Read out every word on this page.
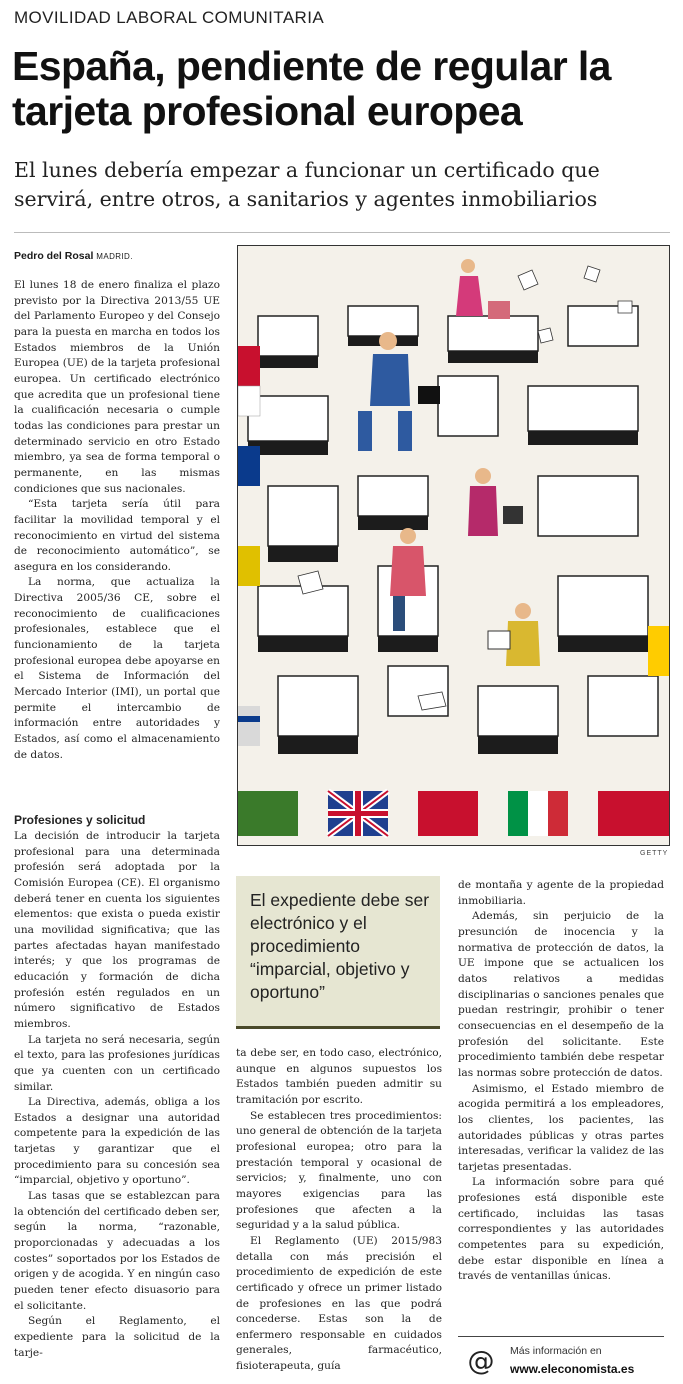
MOVILIDAD LABORAL COMUNITARIA
España, pendiente de regular la tarjeta profesional europea
El lunes debería empezar a funcionar un certificado que servirá, entre otros, a sanitarios y agentes inmobiliarios
Pedro del Rosal MADRID.

El lunes 18 de enero finaliza el plazo previsto por la Directiva 2013/55 UE del Parlamento Europeo y del Consejo para la puesta en marcha en todos los Estados miembros de la Unión Europea (UE) de la tarjeta profesional europea. Un certificado electrónico que acredita que un profesional tiene la cualificación necesaria o cumple todas las condiciones para prestar un determinado servicio en otro Estado miembro, ya sea de forma temporal o permanente, en las mismas condiciones que sus nacionales.

“Esta tarjeta sería útil para facilitar la movilidad temporal y el reconocimiento en virtud del sistema de reconocimiento automático”, se asegura en los considerando.

La norma, que actualiza la Directiva 2005/36 CE, sobre el reconocimiento de cualificaciones profesionales, establece que el funcionamiento de la tarjeta profesional europea debe apoyarse en el Sistema de Información del Mercado Interior (IMI), un portal que permite el intercambio de información entre autoridades y Estados, así como el almacenamiento de datos.

Profesiones y solicitud

La decisión de introducir la tarjeta profesional para una determinada profesión será adoptada por la Comisión Europea (CE). El organismo deberá tener en cuenta los siguientes elementos: que exista o pueda existir una movilidad significativa; que las partes afectadas hayan manifestado interés; y que los programas de educación y formación de dicha profesión estén regulados en un número significativo de Estados miembros.

La tarjeta no será necesaria, según el texto, para las profesiones jurídicas que ya cuenten con un certificado similar.

La Directiva, además, obliga a los Estados a designar una autoridad competente para la expedición de las tarjetas y garantizar que el procedimiento para su concesión sea “imparcial, objetivo y oportuno”.

Las tasas que se establezcan para la obtención del certificado deben ser, según la norma, “razonable, proporcionadas y adecuadas a los costes” soportados por los Estados de origen y de acogida. Y en ningún caso pueden tener efecto disuasorio para el solicitante.

Según el Reglamento, el expediente para la solicitud de la tarje-

GETTY
El expediente debe ser electrónico y el procedimiento “imparcial, objetivo y oportuno”

ta debe ser, en todo caso, electrónico, aunque en algunos supuestos los Estados también pueden admitir su tramitación por escrito.

Se establecen tres procedimientos: uno general de obtención de la tarjeta profesional europea; otro para la prestación temporal y ocasional de servicios; y, finalmente, uno con mayores exigencias para las profesiones que afecten a la seguridad y a la salud pública.

El Reglamento (UE) 2015/983 detalla con más precisión el procedimiento de expedición de este certificado y ofrece un primer listado de profesiones en las que podrá concederse. Estas son la de enfermero responsable en cuidados generales, farmacéutico, fisioterapeuta, guía

de montaña y agente de la propiedad inmobiliaria.

Además, sin perjuicio de la presunción de inocencia y la normativa de protección de datos, la UE impone que se actualicen los datos relativos a medidas disciplinarias o sanciones penales que puedan restringir, prohibir o tener consecuencias en el desempeño de la profesión del solicitante. Este procedimiento también debe respetar las normas sobre protección de datos.

Asimismo, el Estado miembro de acogida permitirá a los empleadores, los clientes, los pacientes, las autoridades públicas y otras partes interesadas, verificar la validez de las tarjetas presentadas.

La información sobre para qué profesiones está disponible este certificado, incluidas las tasas correspondientes y las autoridades competentes para su expedición, debe estar disponible en línea a través de ventanillas únicas.

@ Más información en
www.eleconomista.es
